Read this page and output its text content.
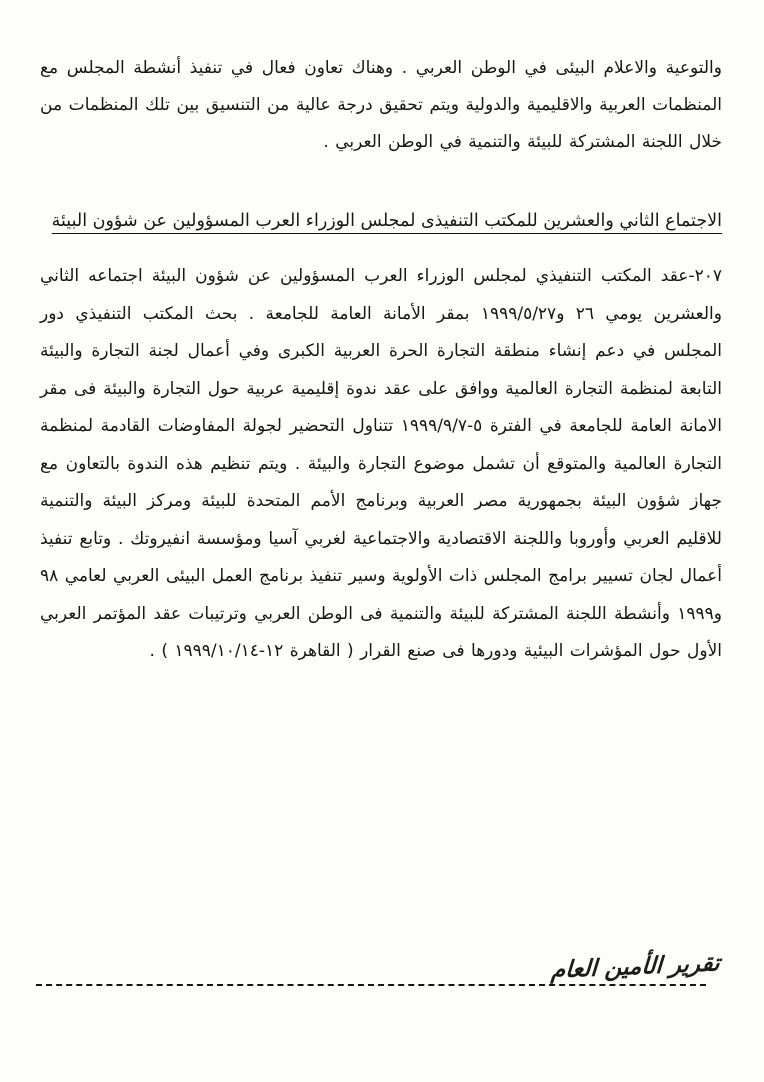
والتوعية والاعلام البيئى في الوطن العربي . وهناك تعاون فعال في تنفيذ أنشطة المجلس مع المنظمات العربية والاقليمية والدولية ويتم تحقيق درجة عالية من التنسيق بين تلك المنظمات من خلال اللجنة المشتركة للبيئة والتنمية في الوطن العربي .

الاجتماع الثاني والعشرين للمكتب التنفيذى لمجلس الوزراء العرب المسؤولين عن شؤون البيئة

٢٠٧-عقد المكتب التنفيذي لمجلس الوزراء العرب المسؤولين عن شؤون البيئة اجتماعه الثاني والعشرين يومي ٢٦ و١٩٩٩/٥/٢٧ بمقر الأمانة العامة للجامعة . بحث المكتب التنفيذي دور المجلس في دعم إنشاء منطقة التجارة الحرة العربية الكبرى وفي أعمال لجنة التجارة والبيئة التابعة لمنظمة التجارة العالمية ووافق على عقد ندوة إقليمية عربية حول التجارة والبيئة فى مقر الامانة العامة للجامعة في الفترة ٥-١٩٩٩/٩/٧ تتناول التحضير لجولة المفاوضات القادمة لمنظمة التجارة العالمية والمتوقع أن تشمل موضوع التجارة والبيئة . ويتم تنظيم هذه الندوة بالتعاون مع جهاز شؤون البيئة بجمهورية مصر العربية وبرنامج الأمم المتحدة للبيئة ومركز البيئة والتنمية للاقليم العربي وأوروبا واللجنة الاقتصادية والاجتماعية لغربي آسيا ومؤسسة انفيروتك . وتابع تنفيذ أعمال لجان تسيير برامج المجلس ذات الأولوية وسير تنفيذ برنامج العمل البيئى العربي لعامي ٩٨ و١٩٩٩ وأنشطة اللجنة المشتركة للبيئة والتنمية فى الوطن العربي وترتيبات عقد المؤتمر العربي الأول حول المؤشرات البيئية ودورها فى صنع القرار ( القاهرة ١٢-١٩٩٩/١٠/١٤ ) .

تقرير الأمين العام
